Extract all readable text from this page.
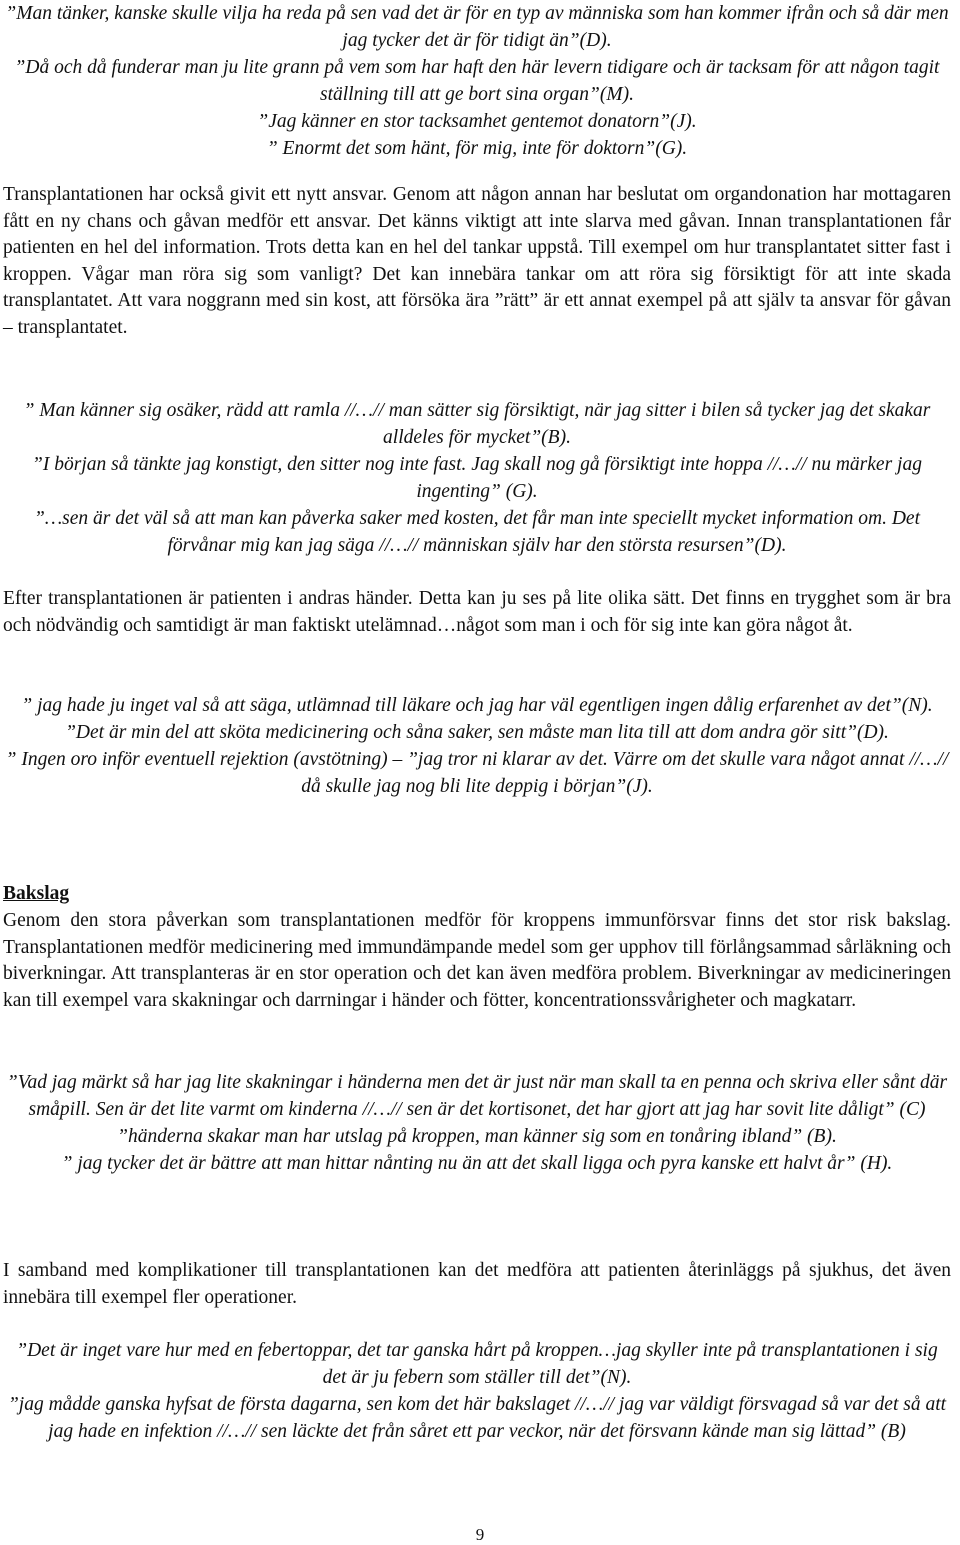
”Man tänker, kanske skulle vilja ha reda på sen vad det är för en typ av människa som han kommer ifrån och så där men jag tycker det är för tidigt än”(D).

”Då och då funderar man ju lite grann på vem som har haft den här levern tidigare och är tacksam för att någon tagit ställning till att ge bort sina organ”(M).

”Jag känner en stor tacksamhet gentemot donatorn”(J).

” Enormt det som hänt, för mig, inte för doktorn”(G).

Transplantationen har också givit ett nytt ansvar. Genom att någon annan har beslutat om organdonation har mottagaren fått en ny chans och gåvan medför ett ansvar. Det känns viktigt att inte slarva med gåvan. Innan transplantationen får patienten en hel del information. Trots detta kan en hel del tankar uppstå. Till exempel om hur transplantatet sitter fast i kroppen. Vågar man röra sig som vanligt? Det kan innebära tankar om att röra sig försiktigt för att inte skada transplantatet. Att vara noggrann med sin kost, att försöka ära ”rätt” är ett annat exempel på att själv ta ansvar för gåvan – transplantatet.

” Man känner sig osäker, rädd att ramla //…// man sätter sig försiktigt, när jag sitter i bilen så tycker jag det skakar alldeles för mycket”(B).

”I början så tänkte jag konstigt, den sitter nog inte fast. Jag skall nog gå försiktigt inte hoppa //…// nu märker jag ingenting” (G).

”…sen är det väl så att man kan påverka saker med kosten, det får man inte speciellt mycket information om. Det förvånar mig kan jag säga //…// människan själv har den största resursen”(D).

Efter transplantationen är patienten i andras händer. Detta kan ju ses på lite olika sätt. Det finns en trygghet som är bra och nödvändig och samtidigt är man faktiskt utelämnad…något som man i och för sig inte kan göra något åt.

” jag hade ju inget val så att säga, utlämnad till läkare och jag har väl egentligen ingen dålig erfarenhet av det”(N).

”Det är min del att sköta medicinering och såna saker, sen måste man lita till att dom andra gör sitt”(D).

” Ingen oro inför eventuell rejektion (avstötning) – ”jag tror ni klarar av det. Värre om det skulle vara något annat //…// då skulle jag nog bli lite deppig i början”(J).

Bakslag

Genom den stora påverkan som transplantationen medför för kroppens immunförsvar finns det stor risk bakslag. Transplantationen medför medicinering med immundämpande medel som ger upphov till förlångsammad sårläkning och biverkningar. Att transplanteras är en stor operation och det kan även medföra problem. Biverkningar av medicineringen kan till exempel vara skakningar och darrningar i händer och fötter, koncentrationssvårigheter och magkatarr.

”Vad jag märkt så har jag lite skakningar i händerna men det är just när man skall ta en penna och skriva eller sånt där småpill. Sen är det lite varmt om kinderna //…// sen är det kortisonet, det har gjort att jag har sovit lite dåligt” (C)

”händerna skakar man har utslag på kroppen, man känner sig som en tonåring ibland” (B).

” jag tycker det är bättre att man hittar nånting nu än att det skall ligga och pyra kanske ett halvt år” (H).

I samband med komplikationer till transplantationen kan det medföra att patienten återinläggs på sjukhus, det även innebära till exempel fler operationer.

”Det är inget vare hur med en febertoppar, det tar ganska hårt på kroppen…jag skyller inte på transplantationen i sig det är ju febern som ställer till det”(N).

”jag mådde ganska hyfsat de första dagarna, sen kom det här bakslaget //…// jag var väldigt försvagad så var det så att jag hade en infektion //…// sen läckte det från såret ett par veckor, när det försvann kände man sig lättad” (B)

9
